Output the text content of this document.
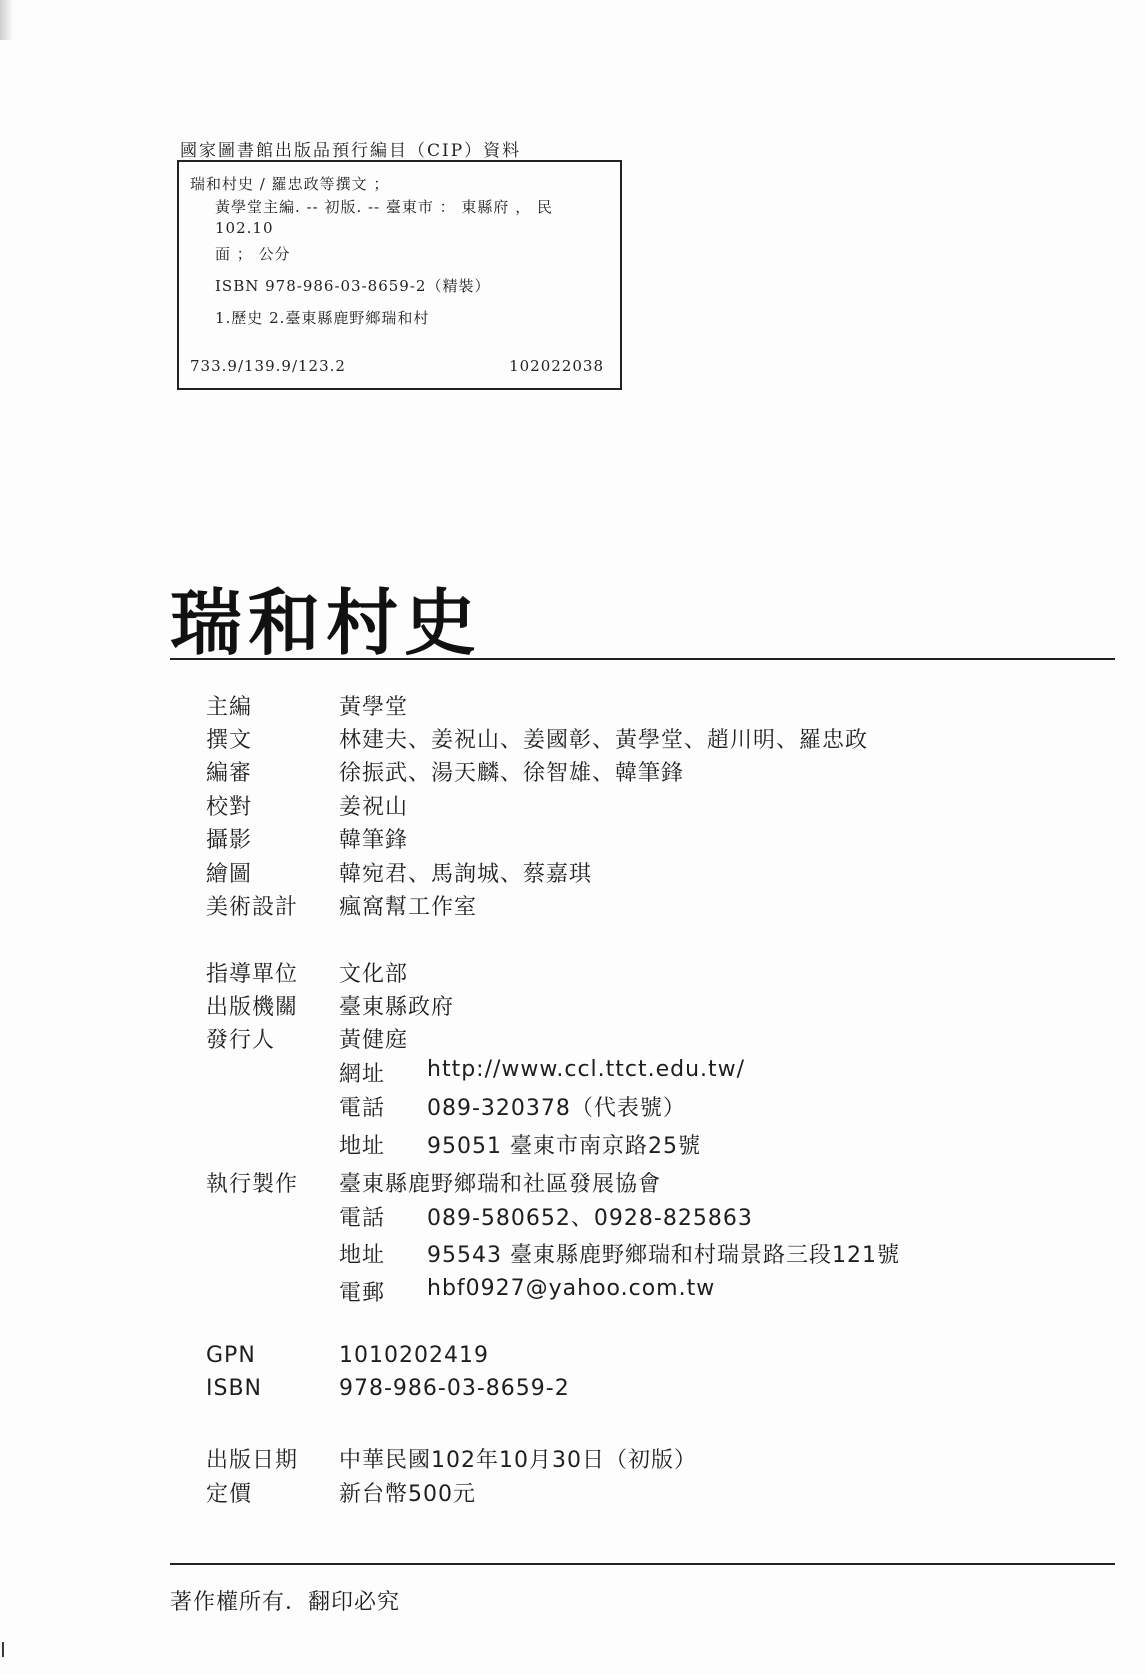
國家圖書館出版品預行編目（CIP）資料
瑞和村史 / 羅忠政等撰文 ；
黃學堂主編. -- 初版. -- 臺東市 ： 東縣府 ， 民
102.10
面 ； 公分
ISBN 978-986-03-8659-2（精裝）
1.歷史 2.臺東縣鹿野鄉瑞和村
733.9/139.9/123.2	102022038
瑞和村史
主編	黃學堂
撰文	林建夫、姜祝山、姜國彰、黃學堂、趙川明、羅忠政
編審	徐振武、湯天麟、徐智雄、韓筆鋒
校對	姜祝山
攝影	韓筆鋒
繪圖	韓宛君、馬詢城、蔡嘉琪
美術設計 瘋窩幫工作室
指導單位 文化部
出版機關 臺東縣政府
發行人	黃健庭
網址 http://www.ccl.ttct.edu.tw/
電話 089-320378（代表號）
地址 95051 臺東市南京路25號
執行製作 臺東縣鹿野鄉瑞和社區發展協會
電話 089-580652、0928-825863
地址 95543 臺東縣鹿野鄉瑞和村瑞景路三段121號
電郵 hbf0927@yahoo.com.tw
GPN	1010202419
ISBN	978-986-03-8659-2
出版日期 中華民國102年10月30日（初版）
定價	新台幣500元
著作權所有．翻印必究
I
